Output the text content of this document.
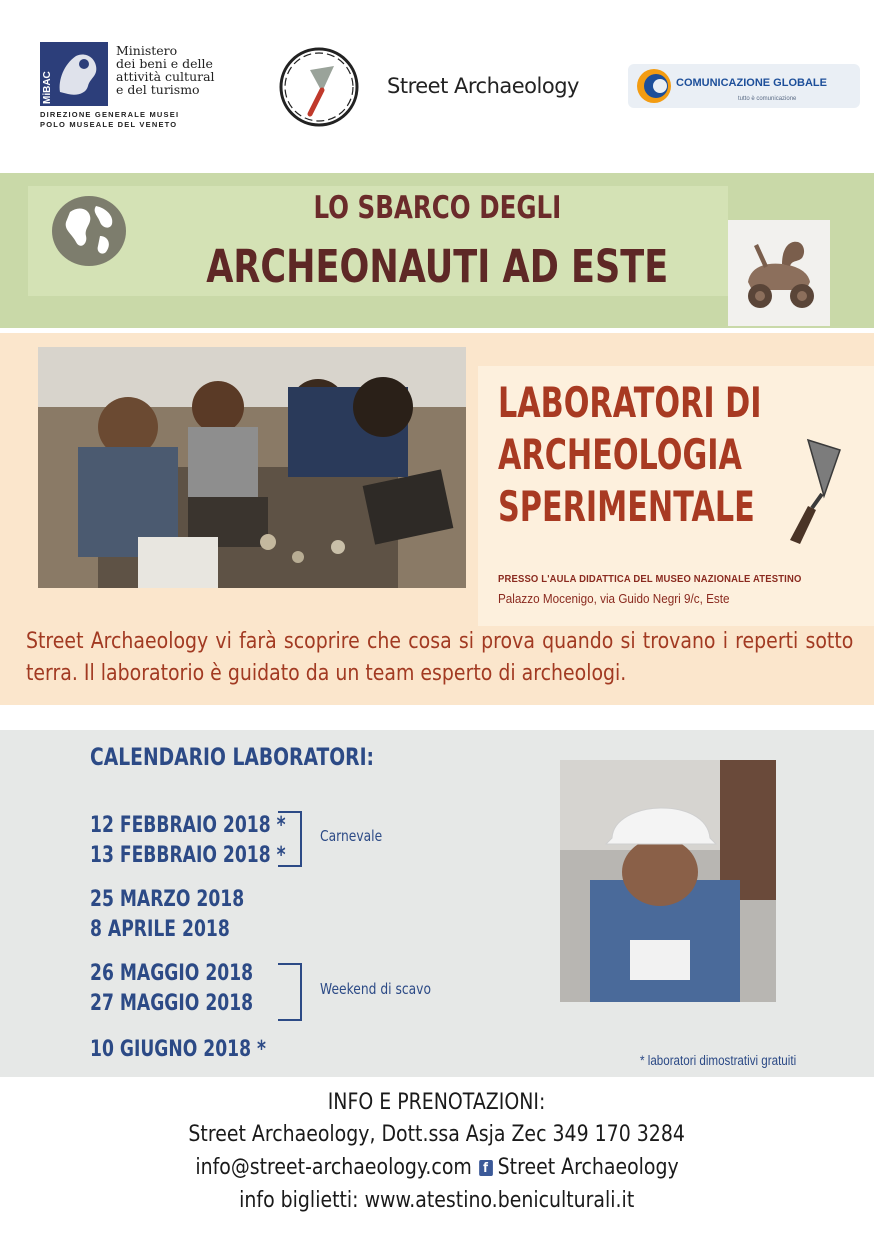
MiBAC
Ministero
dei beni e delle
attività cultural
e del turismo
DIREZIONE GENERALE MUSEI
POLO MUSEALE DEL VENETO
Street Archaeology	COMUNICAZIONE GLOBALE
tutto è comunicazione
LO SBARCO DEGLI
ARCHEONAUTI AD ESTE
LABORATORI DI
ARCHEOLOGIA
SPERIMENTALE
PRESSO L'AULA DIDATTICA DEL MUSEO NAZIONALE ATESTINO
Palazzo Mocenigo, via Guido Negri 9/c, Este
Street Archaeology vi farà scoprire che cosa si prova quando si trovano i reperti sotto terra. Il laboratorio è guidato da un team esperto di archeologi.
CALENDARIO LABORATORI:
12 FEBBRAIO 2018 *
13 FEBBRAIO 2018 *
Carnevale
25 MARZO 2018
8 APRILE 2018
26 MAGGIO 2018
27 MAGGIO 2018
Weekend di scavo
10 GIUGNO 2018 *	* laboratori dimostrativi gratuiti
INFO E PRENOTAZIONI:
Street Archaeology, Dott.ssa Asja Zec 349 170 3284
info@street-archaeology.com f Street Archaeology
info biglietti: www.atestino.beniculturali.it
